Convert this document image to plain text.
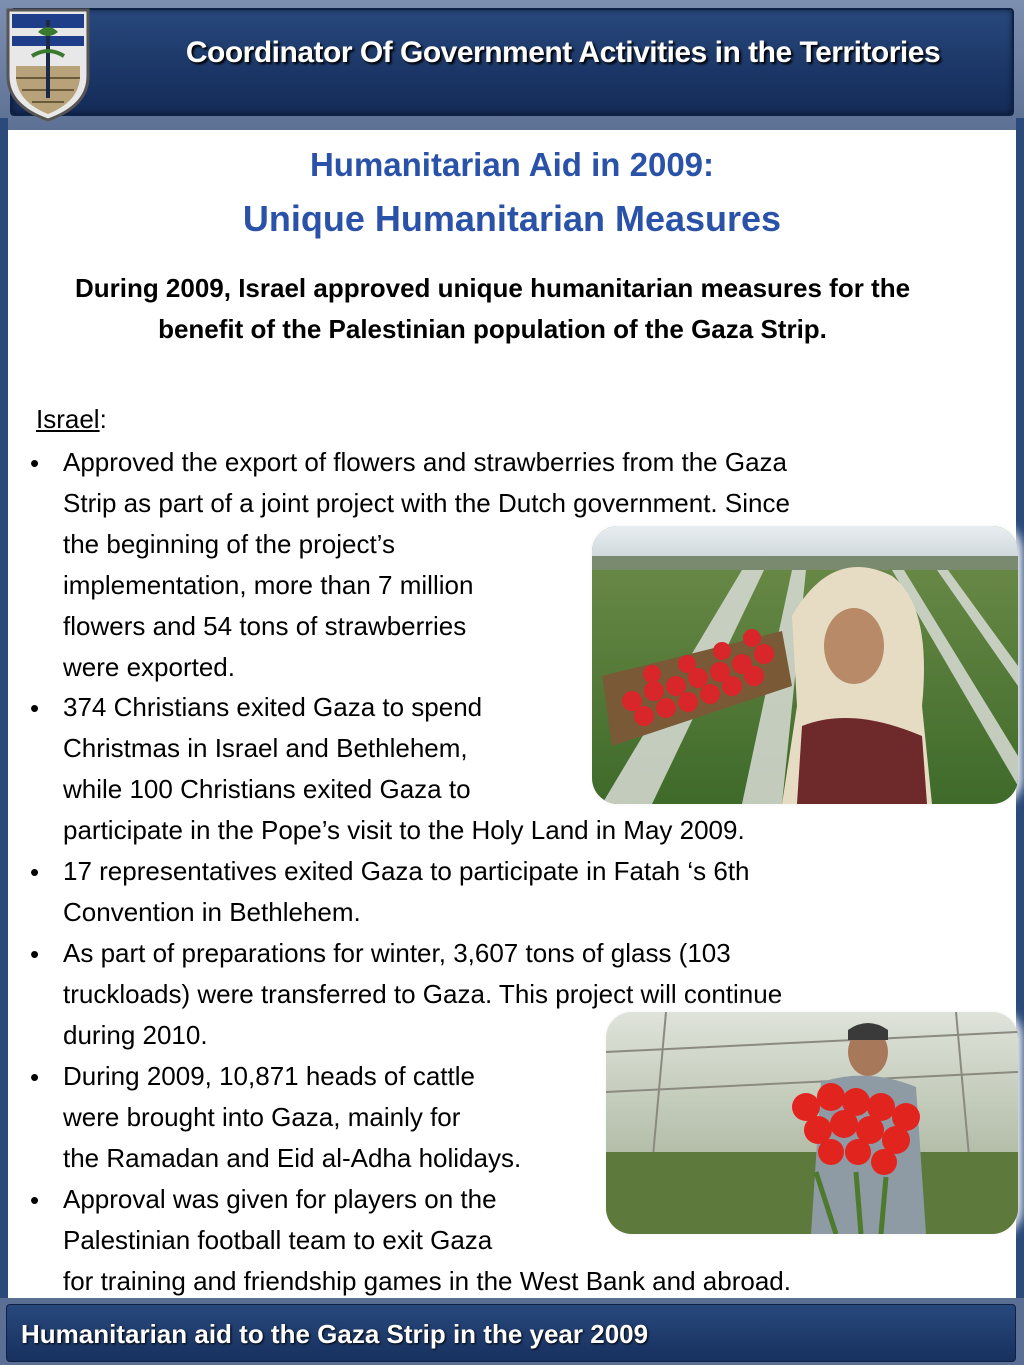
Coordinator Of Government Activities in the Territories
Humanitarian Aid in 2009:
Unique Humanitarian Measures
During 2009, Israel approved unique humanitarian measures for the benefit of the Palestinian population of the Gaza Strip.
Israel:
• Approved the export of flowers and strawberries from the Gaza
Strip as part of a joint project with the Dutch government. Since
the beginning of the project’s
implementation, more than 7 million
flowers and 54 tons of strawberries
were exported.
• 374 Christians exited Gaza to spend
Christmas in Israel and Bethlehem,
while 100 Christians exited Gaza to
participate in the Pope’s visit to the Holy Land in May 2009.
• 17 representatives exited Gaza to participate in Fatah ‘s 6th
Convention in Bethlehem.
• As part of preparations for winter, 3,607 tons of glass (103
truckloads) were transferred to Gaza. This project will continue
during 2010.
• During 2009, 10,871 heads of cattle
were brought into Gaza, mainly for
the Ramadan and Eid al-Adha holidays.
• Approval was given for players on the
Palestinian football team to exit Gaza
for training and friendship games in the West Bank and abroad.
Humanitarian aid to the Gaza Strip in the year 2009
